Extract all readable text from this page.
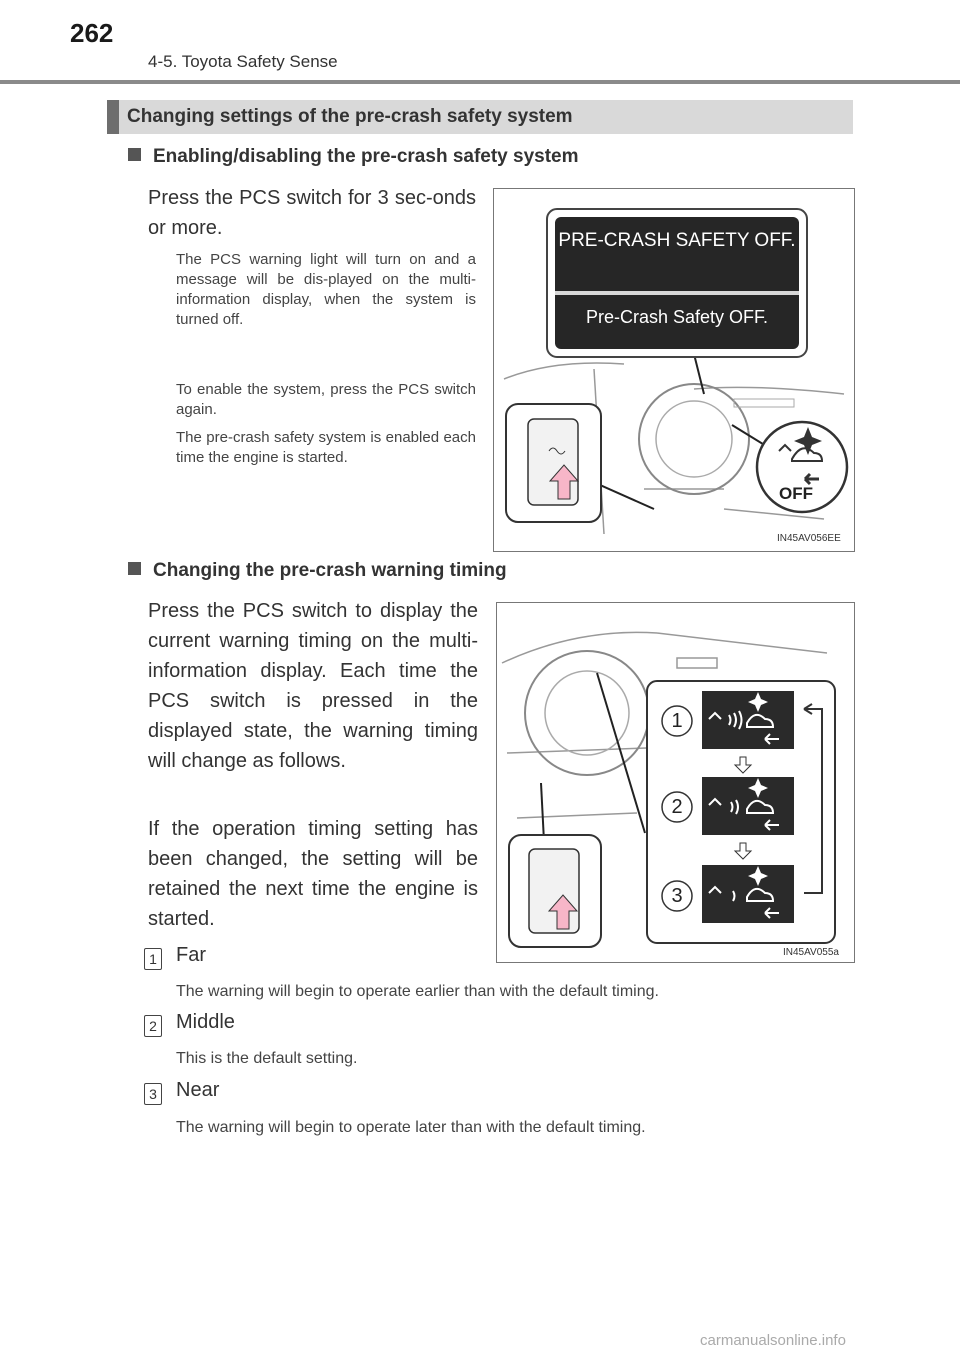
262
4-5. Toyota Safety Sense
Changing settings of the pre-crash safety system
Enabling/disabling the pre-crash safety system
Press the PCS switch for 3 sec-onds or more.
The PCS warning light will turn on and a message will be dis-played on the multi-information display, when the system is turned off.
To enable the system, press the PCS switch again.
The pre-crash safety system is enabled each time the engine is started.
PRE-CRASH SAFETY OFF.
Pre-Crash Safety OFF.
OFF
IN45AV056EE
Changing the pre-crash warning timing
Press the PCS switch to display the current warning timing on the multi-information display. Each time the PCS switch is pressed in the displayed state, the warning timing will change as follows.
If the operation timing setting has been changed, the setting will be retained the next time the engine is started.
1
2
3
IN45AV055a
1 Far
The warning will begin to operate earlier than with the default timing.
2 Middle
This is the default setting.
3 Near
The warning will begin to operate later than with the default timing.
carmanualsonline.info
